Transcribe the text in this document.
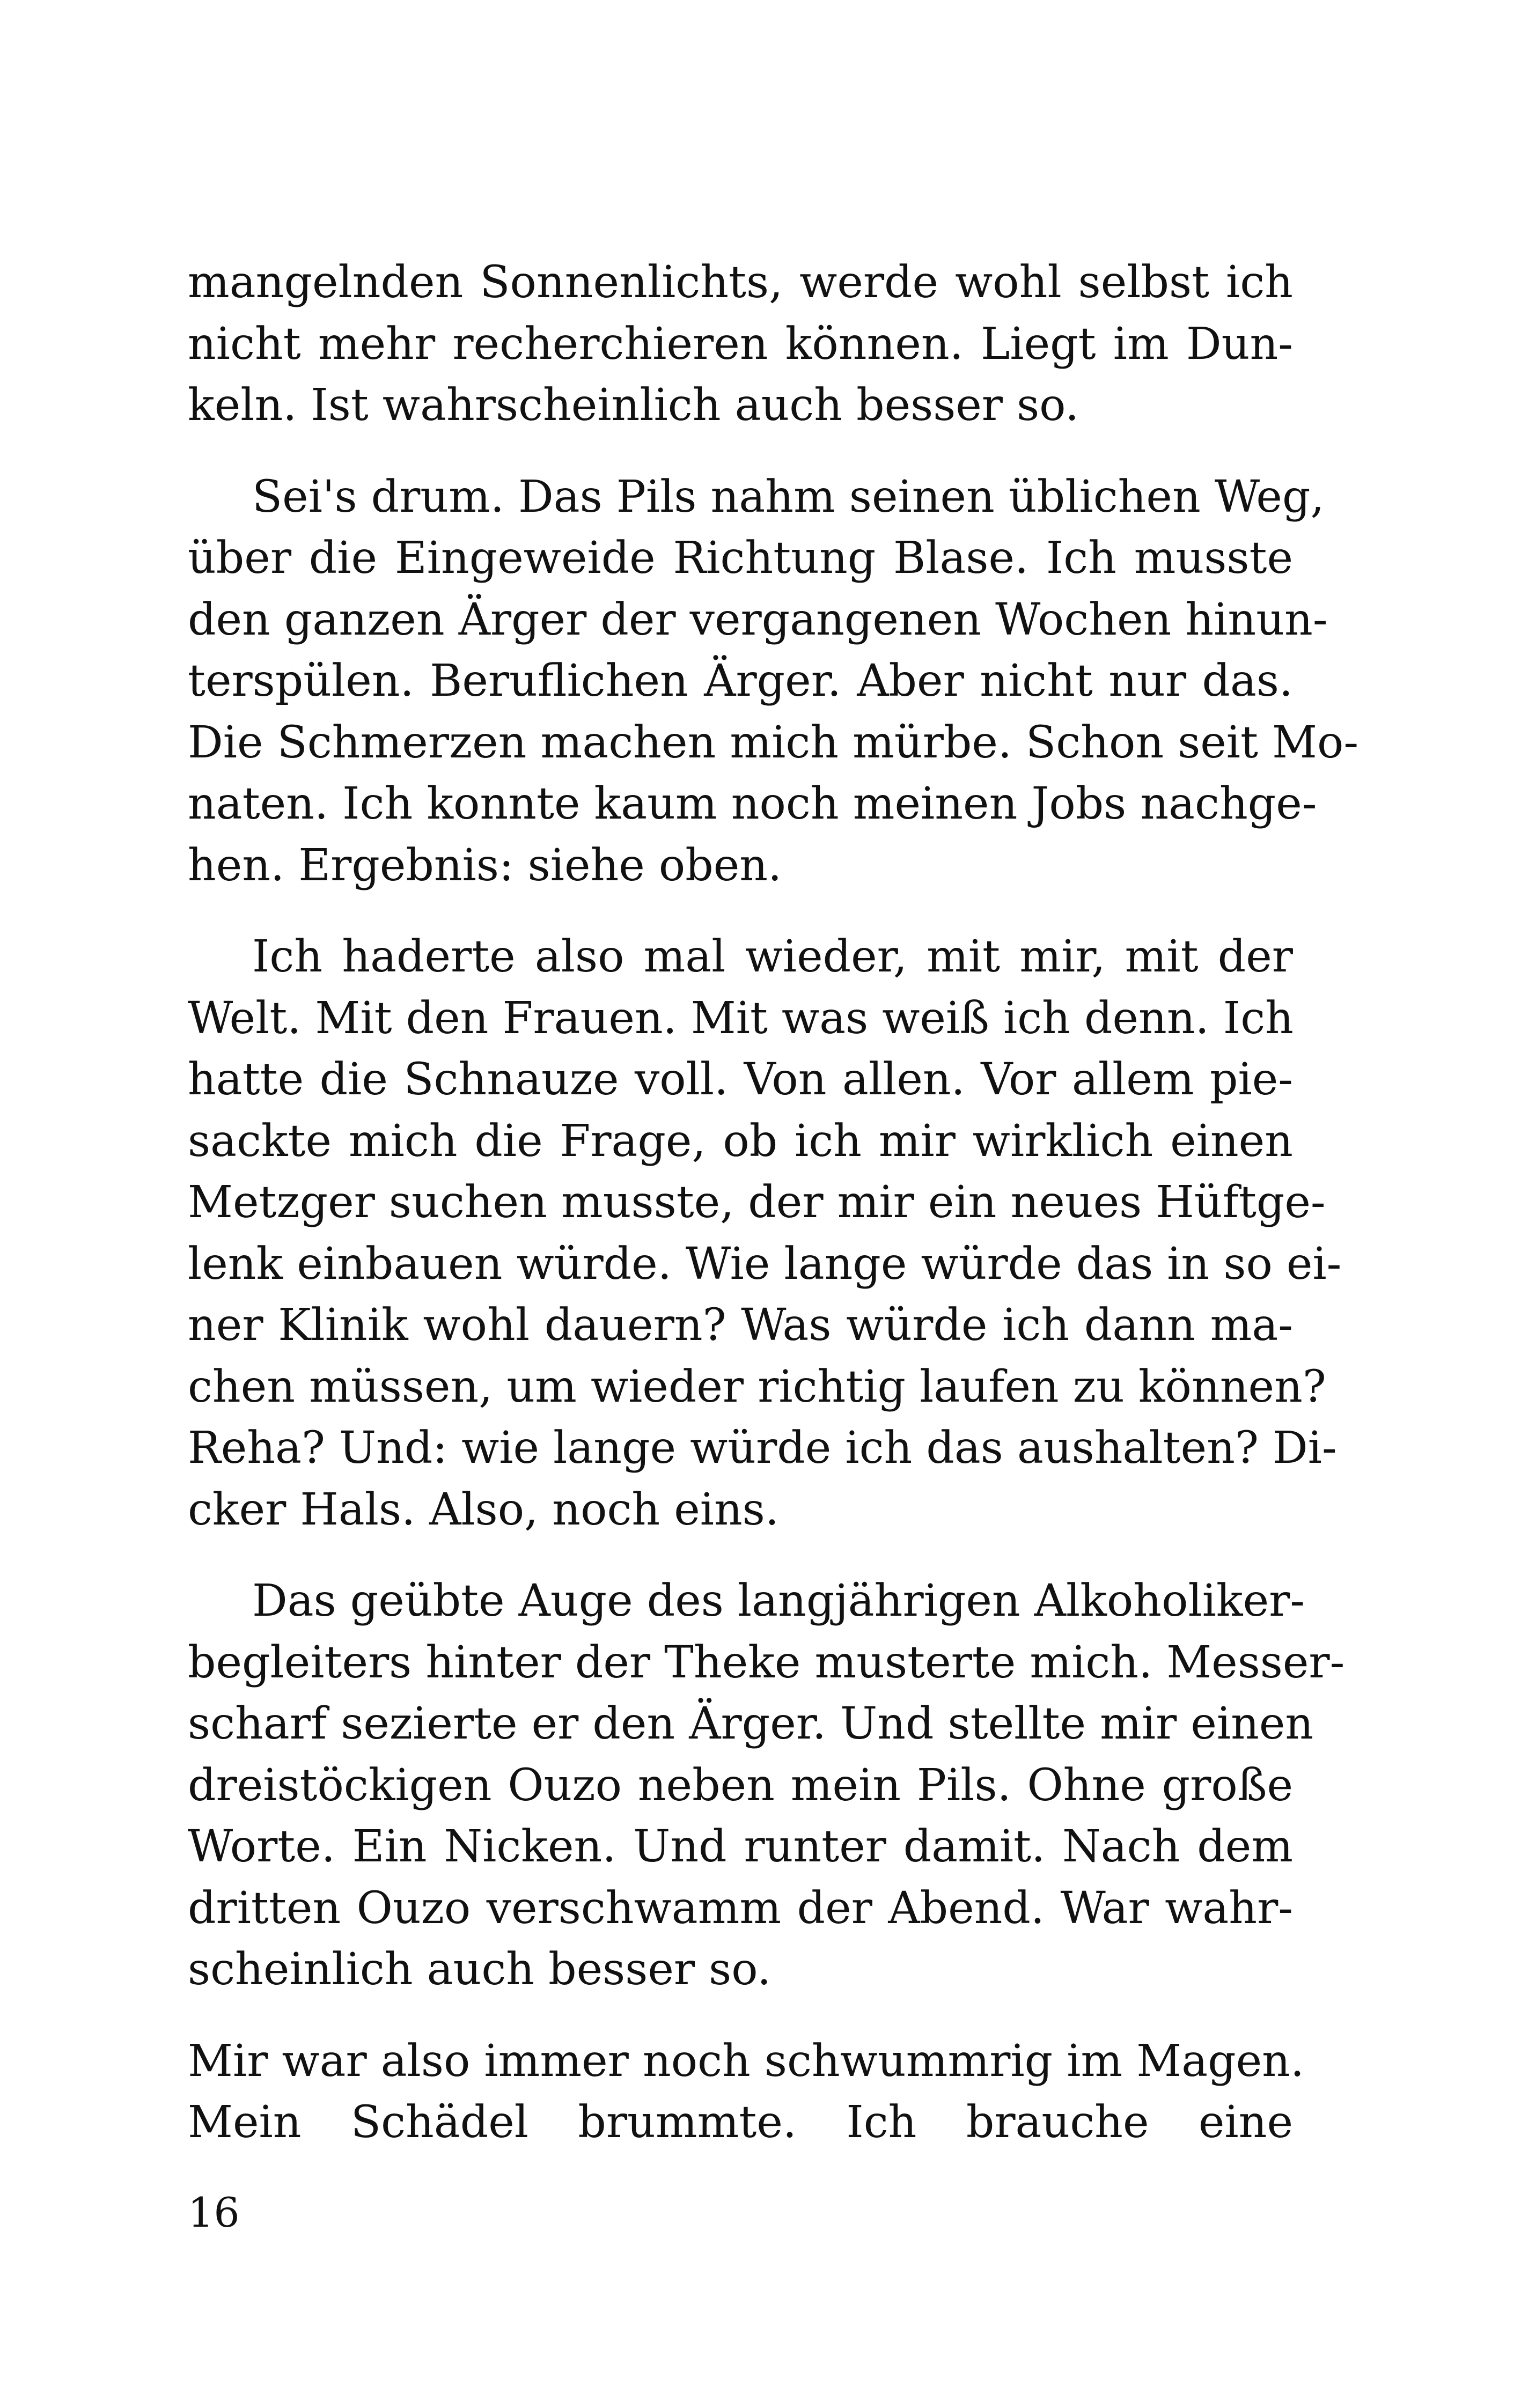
mangelnden Sonnenlichts, werde wohl selbst ich
nicht mehr recherchieren können. Liegt im Dun-
keln. Ist wahrscheinlich auch besser so.
Sei's drum. Das Pils nahm seinen üblichen Weg,
über die Eingeweide Richtung Blase. Ich musste
den ganzen Ärger der vergangenen Wochen hinun-
terspülen. Beruflichen Ärger. Aber nicht nur das.
Die Schmerzen machen mich mürbe. Schon seit Mo-
naten. Ich konnte kaum noch meinen Jobs nachge-
hen. Ergebnis: siehe oben.
Ich haderte also mal wieder, mit mir, mit der
Welt. Mit den Frauen. Mit was weiß ich denn. Ich
hatte die Schnauze voll. Von allen. Vor allem pie-
sackte mich die Frage, ob ich mir wirklich einen
Metzger suchen musste, der mir ein neues Hüftge-
lenk einbauen würde. Wie lange würde das in so ei-
ner Klinik wohl dauern? Was würde ich dann ma-
chen müssen, um wieder richtig laufen zu können?
Reha? Und: wie lange würde ich das aushalten? Di-
cker Hals. Also, noch eins.
Das geübte Auge des langjährigen Alkoholiker-
begleiters hinter der Theke musterte mich. Messer-
scharf sezierte er den Ärger. Und stellte mir einen
dreistöckigen Ouzo neben mein Pils. Ohne große
Worte. Ein Nicken. Und runter damit. Nach dem
dritten Ouzo verschwamm der Abend. War wahr-
scheinlich auch besser so.
Mir war also immer noch schwummrig im Magen.
Mein Schädel brummte. Ich brauche eine
16
